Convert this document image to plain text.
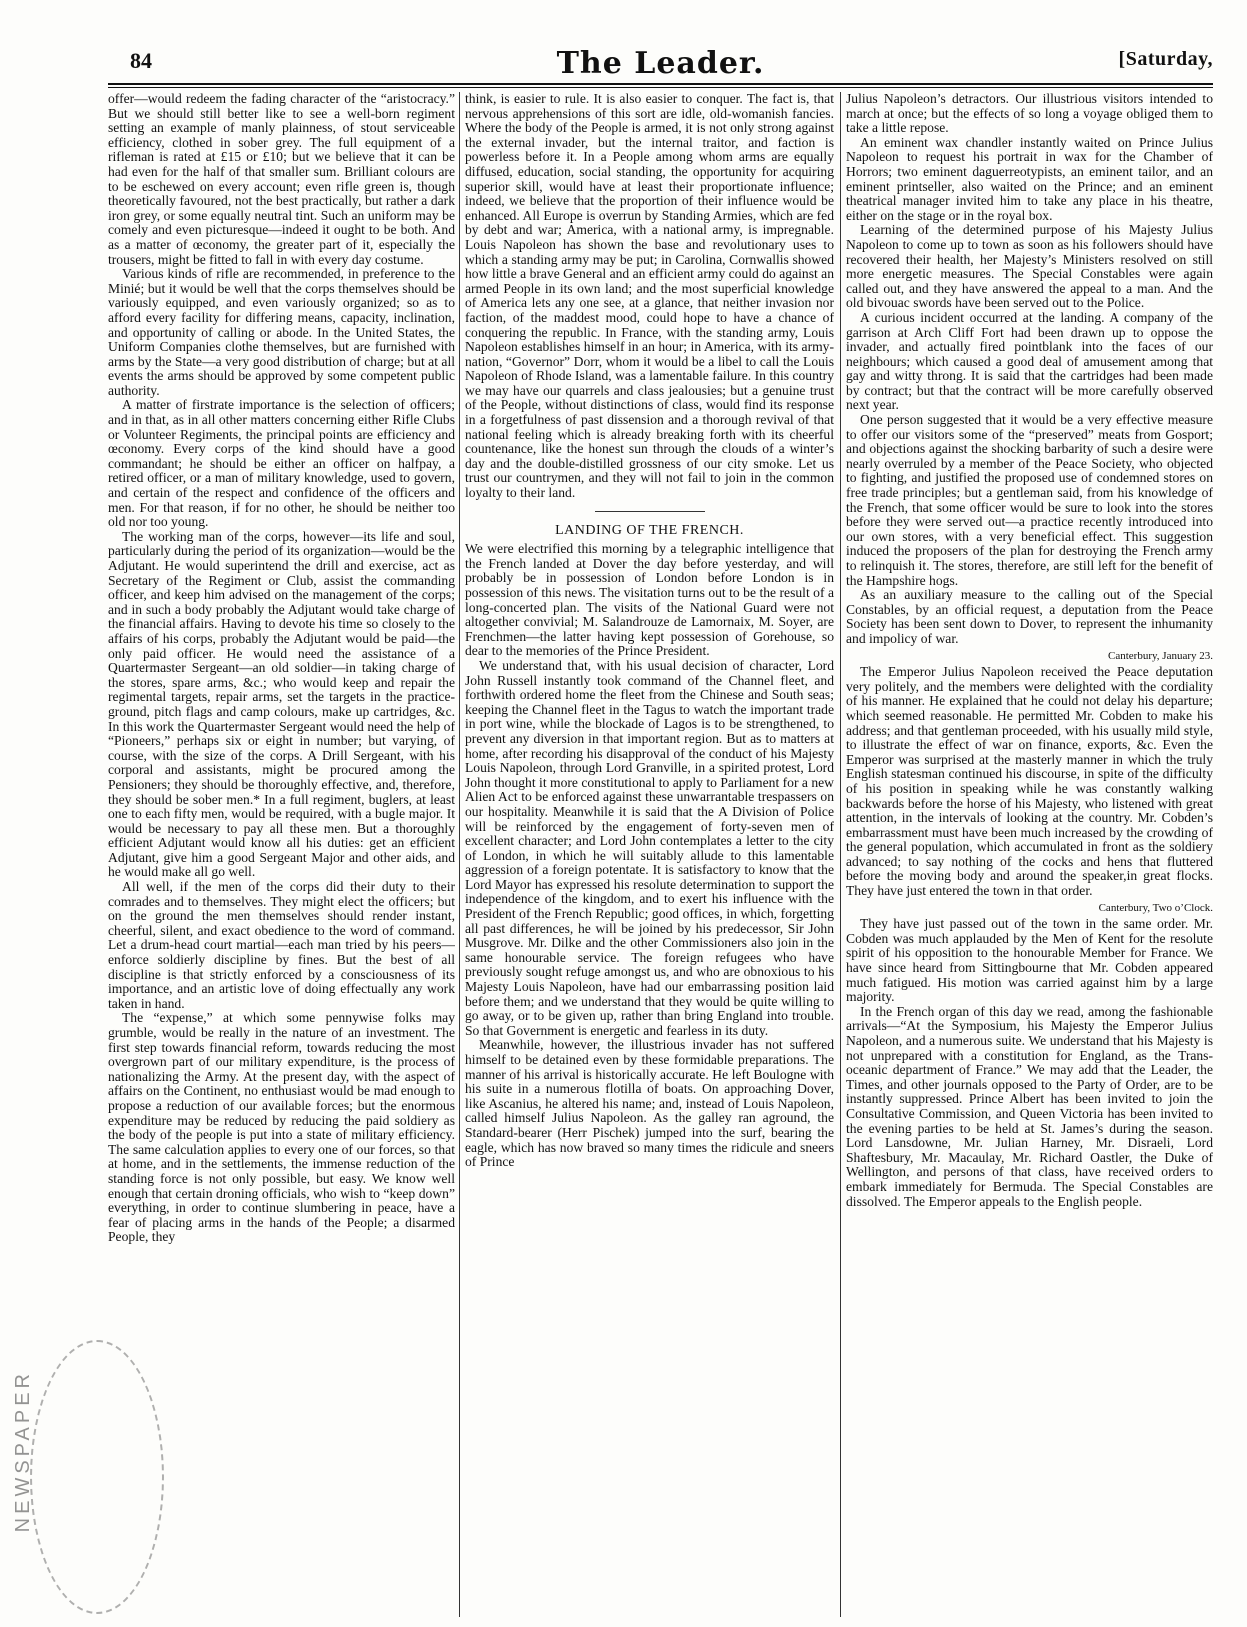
84	The Leader.	[Saturday,

offer—would redeem the fading character of the “aristocracy.” But we should still better like to see a well-born regiment setting an example of manly plainness, of stout serviceable efficiency, clothed in sober grey. The full equipment of a rifleman is rated at £15 or £10; but we believe that it can be had even for the half of that smaller sum. Brilliant colours are to be eschewed on every account; even rifle green is, though theoretically favoured, not the best practically, but rather a dark iron grey, or some equally neutral tint. Such an uniform may be comely and even picturesque—indeed it ought to be both. And as a matter of œconomy, the greater part of it, especially the trousers, might be fitted to fall in with every day costume.

Various kinds of rifle are recommended, in preference to the Minié; but it would be well that the corps themselves should be variously equipped, and even variously organized; so as to afford every facility for differing means, capacity, inclination, and opportunity of calling or abode. In the United States, the Uniform Companies clothe themselves, but are furnished with arms by the State—a very good distribution of charge; but at all events the arms should be approved by some competent public authority.

A matter of firstrate importance is the selection of officers; and in that, as in all other matters concerning either Rifle Clubs or Volunteer Regiments, the principal points are efficiency and œconomy. Every corps of the kind should have a good commandant; he should be either an officer on halfpay, a retired officer, or a man of military knowledge, used to govern, and certain of the respect and confidence of the officers and men. For that reason, if for no other, he should be neither too old nor too young.

The working man of the corps, however—its life and soul, particularly during the period of its organization—would be the Adjutant. He would superintend the drill and exercise, act as Secretary of the Regiment or Club, assist the commanding officer, and keep him advised on the management of the corps; and in such a body probably the Adjutant would take charge of the financial affairs. Having to devote his time so closely to the affairs of his corps, probably the Adjutant would be paid—the only paid officer. He would need the assistance of a Quartermaster Sergeant—an old soldier—in taking charge of the stores, spare arms, &c.; who would keep and repair the regimental targets, repair arms, set the targets in the practice-ground, pitch flags and camp colours, make up cartridges, &c. In this work the Quartermaster Sergeant would need the help of “Pioneers,” perhaps six or eight in number; but varying, of course, with the size of the corps. A Drill Sergeant, with his corporal and assistants, might be procured among the Pensioners; they should be thoroughly effective, and, therefore, they should be sober men.* In a full regiment, buglers, at least one to each fifty men, would be required, with a bugle major. It would be necessary to pay all these men. But a thoroughly efficient Adjutant would know all his duties: get an efficient Adjutant, give him a good Sergeant Major and other aids, and he would make all go well.

All well, if the men of the corps did their duty to their comrades and to themselves. They might elect the officers; but on the ground the men themselves should render instant, cheerful, silent, and exact obedience to the word of command. Let a drum-head court martial—each man tried by his peers—enforce soldierly discipline by fines. But the best of all discipline is that strictly enforced by a consciousness of its importance, and an artistic love of doing effectually any work taken in hand.

The “expense,” at which some pennywise folks may grumble, would be really in the nature of an investment. The first step towards financial reform, towards reducing the most overgrown part of our military expenditure, is the process of nationalizing the Army. At the present day, with the aspect of affairs on the Continent, no enthusiast would be mad enough to propose a reduction of our available forces; but the enormous expenditure may be reduced by reducing the paid soldiery as the body of the people is put into a state of military efficiency. The same calculation applies to every one of our forces, so that at home, and in the settlements, the immense reduction of the standing force is not only possible, but easy. We know well enough that certain droning officials, who wish to “keep down” everything, in order to continue slumbering in peace, have a fear of placing arms in the hands of the People; a disarmed People, they

think, is easier to rule. It is also easier to conquer. The fact is, that nervous apprehensions of this sort are idle, old-womanish fancies. Where the body of the People is armed, it is not only strong against the external invader, but the internal traitor, and faction is powerless before it. In a People among whom arms are equally diffused, education, social standing, the opportunity for acquiring superior skill, would have at least their proportionate influence; indeed, we believe that the proportion of their influence would be enhanced. All Europe is overrun by Standing Armies, which are fed by debt and war; America, with a national army, is impregnable. Louis Napoleon has shown the base and revolutionary uses to which a standing army may be put; in Carolina, Cornwallis showed how little a brave General and an efficient army could do against an armed People in its own land; and the most superficial knowledge of America lets any one see, at a glance, that neither invasion nor faction, of the maddest mood, could hope to have a chance of conquering the republic. In France, with the standing army, Louis Napoleon establishes himself in an hour; in America, with its army-nation, “Governor” Dorr, whom it would be a libel to call the Louis Napoleon of Rhode Island, was a lamentable failure. In this country we may have our quarrels and class jealousies; but a genuine trust of the People, without distinctions of class, would find its response in a forgetfulness of past dissension and a thorough revival of that national feeling which is already breaking forth with its cheerful countenance, like the honest sun through the clouds of a winter’s day and the double-distilled grossness of our city smoke. Let us trust our countrymen, and they will not fail to join in the common loyalty to their land.

LANDING OF THE FRENCH.

We were electrified this morning by a telegraphic intelligence that the French landed at Dover the day before yesterday, and will probably be in possession of London before London is in possession of this news. The visitation turns out to be the result of a long-concerted plan. The visits of the National Guard were not altogether convivial; M. Salandrouze de Lamornaix, M. Soyer, are Frenchmen—the latter having kept possession of Gorehouse, so dear to the memories of the Prince President.

We understand that, with his usual decision of character, Lord John Russell instantly took command of the Channel fleet, and forthwith ordered home the fleet from the Chinese and South seas; keeping the Channel fleet in the Tagus to watch the important trade in port wine, while the blockade of Lagos is to be strengthened, to prevent any diversion in that important region. But as to matters at home, after recording his disapproval of the conduct of his Majesty Louis Napoleon, through Lord Granville, in a spirited protest, Lord John thought it more constitutional to apply to Parliament for a new Alien Act to be enforced against these unwarrantable trespassers on our hospitality. Meanwhile it is said that the A Division of Police will be reinforced by the engagement of forty-seven men of excellent character; and Lord John contemplates a letter to the city of London, in which he will suitably allude to this lamentable aggression of a foreign potentate. It is satisfactory to know that the Lord Mayor has expressed his resolute determination to support the independence of the kingdom, and to exert his influence with the President of the French Republic; good offices, in which, forgetting all past differences, he will be joined by his predecessor, Sir John Musgrove. Mr. Dilke and the other Commissioners also join in the same honourable service. The foreign refugees who have previously sought refuge amongst us, and who are obnoxious to his Majesty Louis Napoleon, have had our embarrassing position laid before them; and we understand that they would be quite willing to go away, or to be given up, rather than bring England into trouble. So that Government is energetic and fearless in its duty.

Meanwhile, however, the illustrious invader has not suffered himself to be detained even by these formidable preparations. The manner of his arrival is historically accurate. He left Boulogne with his suite in a numerous flotilla of boats. On approaching Dover, like Ascanius, he altered his name; and, instead of Louis Napoleon, called himself Julius Napoleon. As the galley ran aground, the Standard-bearer (Herr Pischek) jumped into the surf, bearing the eagle, which has now braved so many times the ridicule and sneers of Prince

Julius Napoleon’s detractors. Our illustrious visitors intended to march at once; but the effects of so long a voyage obliged them to take a little repose.

An eminent wax chandler instantly waited on Prince Julius Napoleon to request his portrait in wax for the Chamber of Horrors; two eminent daguerreotypists, an eminent tailor, and an eminent printseller, also waited on the Prince; and an eminent theatrical manager invited him to take any place in his theatre, either on the stage or in the royal box.

Learning of the determined purpose of his Majesty Julius Napoleon to come up to town as soon as his followers should have recovered their health, her Majesty’s Ministers resolved on still more energetic measures. The Special Constables were again called out, and they have answered the appeal to a man. And the old bivouac swords have been served out to the Police.

A curious incident occurred at the landing. A company of the garrison at Arch Cliff Fort had been drawn up to oppose the invader, and actually fired pointblank into the faces of our neighbours; which caused a good deal of amusement among that gay and witty throng. It is said that the cartridges had been made by contract; but that the contract will be more carefully observed next year.

One person suggested that it would be a very effective measure to offer our visitors some of the “preserved” meats from Gosport; and objections against the shocking barbarity of such a desire were nearly overruled by a member of the Peace Society, who objected to fighting, and justified the proposed use of condemned stores on free trade principles; but a gentleman said, from his knowledge of the French, that some officer would be sure to look into the stores before they were served out—a practice recently introduced into our own stores, with a very beneficial effect. This suggestion induced the proposers of the plan for destroying the French army to relinquish it. The stores, therefore, are still left for the benefit of the Hampshire hogs.

As an auxiliary measure to the calling out of the Special Constables, by an official request, a deputation from the Peace Society has been sent down to Dover, to represent the inhumanity and impolicy of war.

Canterbury, January 23.

The Emperor Julius Napoleon received the Peace deputation very politely, and the members were delighted with the cordiality of his manner. He explained that he could not delay his departure; which seemed reasonable. He permitted Mr. Cobden to make his address; and that gentleman proceeded, with his usually mild style, to illustrate the effect of war on finance, exports, &c. Even the Emperor was surprised at the masterly manner in which the truly English statesman continued his discourse, in spite of the difficulty of his position in speaking while he was constantly walking backwards before the horse of his Majesty, who listened with great attention, in the intervals of looking at the country. Mr. Cobden’s embarrassment must have been much increased by the crowding of the general population, which accumulated in front as the soldiery advanced; to say nothing of the cocks and hens that fluttered before the moving body and around the speaker,in great flocks. They have just entered the town in that order.

Canterbury, Two o’Clock.

They have just passed out of the town in the same order. Mr. Cobden was much applauded by the Men of Kent for the resolute spirit of his opposition to the honourable Member for France. We have since heard from Sittingbourne that Mr. Cobden appeared much fatigued. His motion was carried against him by a large majority.

In the French organ of this day we read, among the fashionable arrivals—“At the Symposium, his Majesty the Emperor Julius Napoleon, and a numerous suite. We understand that his Majesty is not unprepared with a constitution for England, as the Trans-oceanic department of France.” We may add that the Leader, the Times, and other journals opposed to the Party of Order, are to be instantly suppressed. Prince Albert has been invited to join the Consultative Commission, and Queen Victoria has been invited to the evening parties to be held at St. James’s during the season. Lord Lansdowne, Mr. Julian Harney, Mr. Disraeli, Lord Shaftesbury, Mr. Macaulay, Mr. Richard Oastler, the Duke of Wellington, and persons of that class, have received orders to embark immediately for Bermuda. The Special Constables are dissolved. The Emperor appeals to the English people.

NEWSPAPER
